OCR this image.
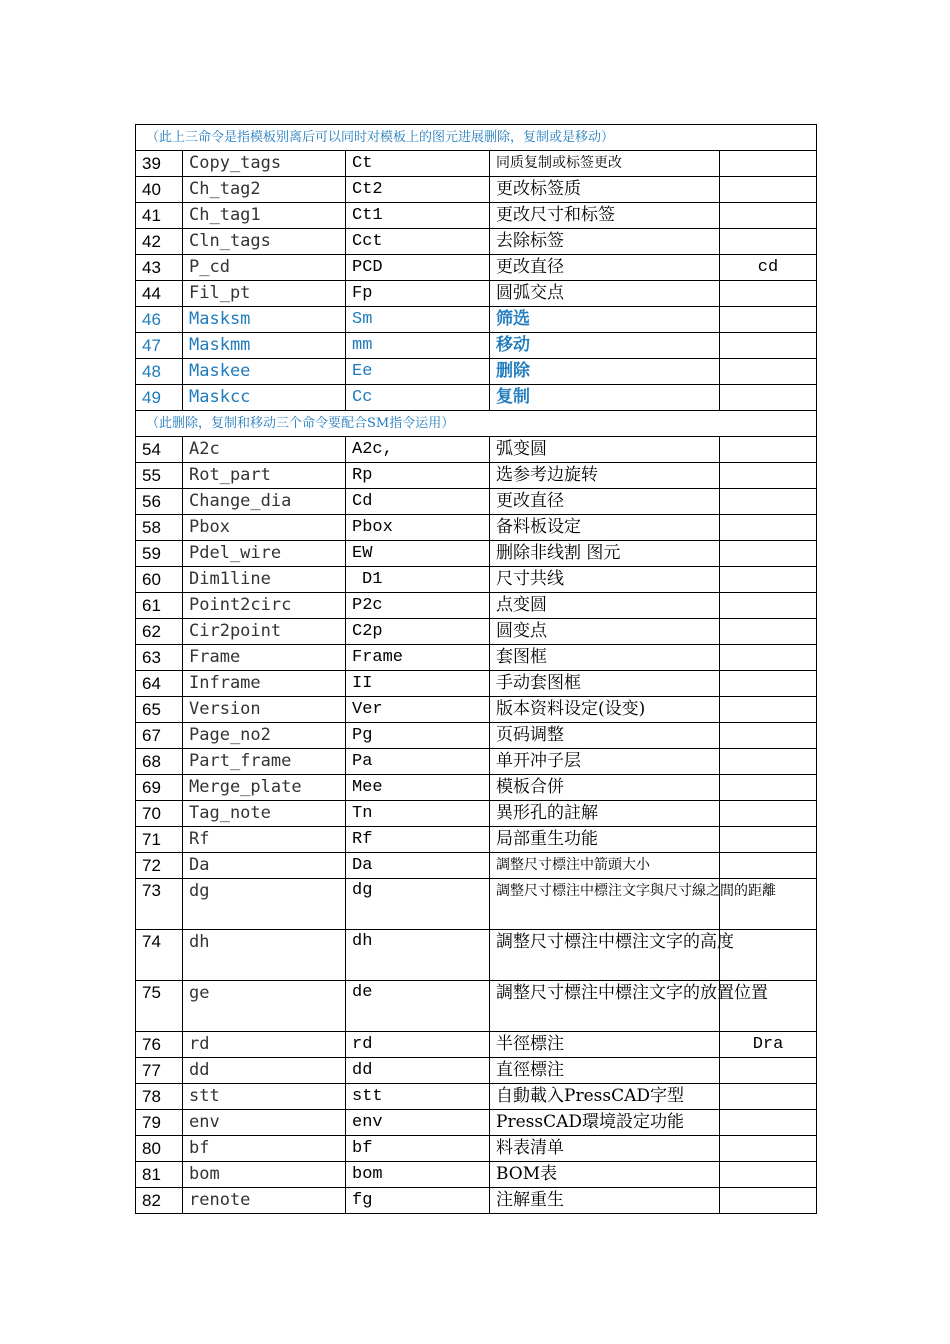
（此上三命令是指模板别离后可以同时对模板上的图元进展删除，复制或是移动）				
39	Copy_tags	Ct	同质复制或标签更改	
40	Ch_tag2	Ct2	更改标签质	
41	Ch_tag1	Ct1	更改尺寸和标签	
42	Cln_tags	Cct	去除标签	
43	P_cd	PCD	更改直径	cd
44	Fil_pt	Fp	圆弧交点	
46	Masksm	Sm	筛选	
47	Maskmm	mm	移动	
48	Maskee	Ee	删除	
49	Maskcc	Cc	复制	
（此删除，复制和移动三个命令要配合SM指令运用）				
54	A2c	A2c,	弧变圆	
55	Rot_part	Rp	选参考边旋转	
56	Change_dia	Cd	更改直径	
58	Pbox	Pbox	备料板设定	
59	Pdel_wire	EW	删除非线割 图元	
60	Dim1line	D1	尺寸共线	
61	Point2circ	P2c	点变圆	
62	Cir2point	C2p	圆变点	
63	Frame	Frame	套图框	
64	Inframe	II	手动套图框	
65	Version	Ver	版本资料设定(设变)	
67	Page_no2	Pg	页码调整	
68	Part_frame	Pa	单开冲子层	
69	Merge_plate	Mee	模板合併	
70	Tag_note	Tn	異形孔的註解	
71	Rf	Rf	局部重生功能	
72	Da	Da	調整尺寸標注中箭頭大小	
73	dg	dg	調整尺寸標注中標注文字與尺寸線之間的距離	
74	dh	dh	調整尺寸標注中標注文字的高度	
75	ge	de	調整尺寸標注中標注文字的放置位置	
76	rd	rd	半徑標注	Dra
77	dd	dd	直徑標注	
78	stt	stt	自動載入PressCAD字型	
79	env	env	PressCAD環境設定功能	
80	bf	bf	料表清单	
81	bom	bom	BOM表	
82	renote	fg	注解重生	
